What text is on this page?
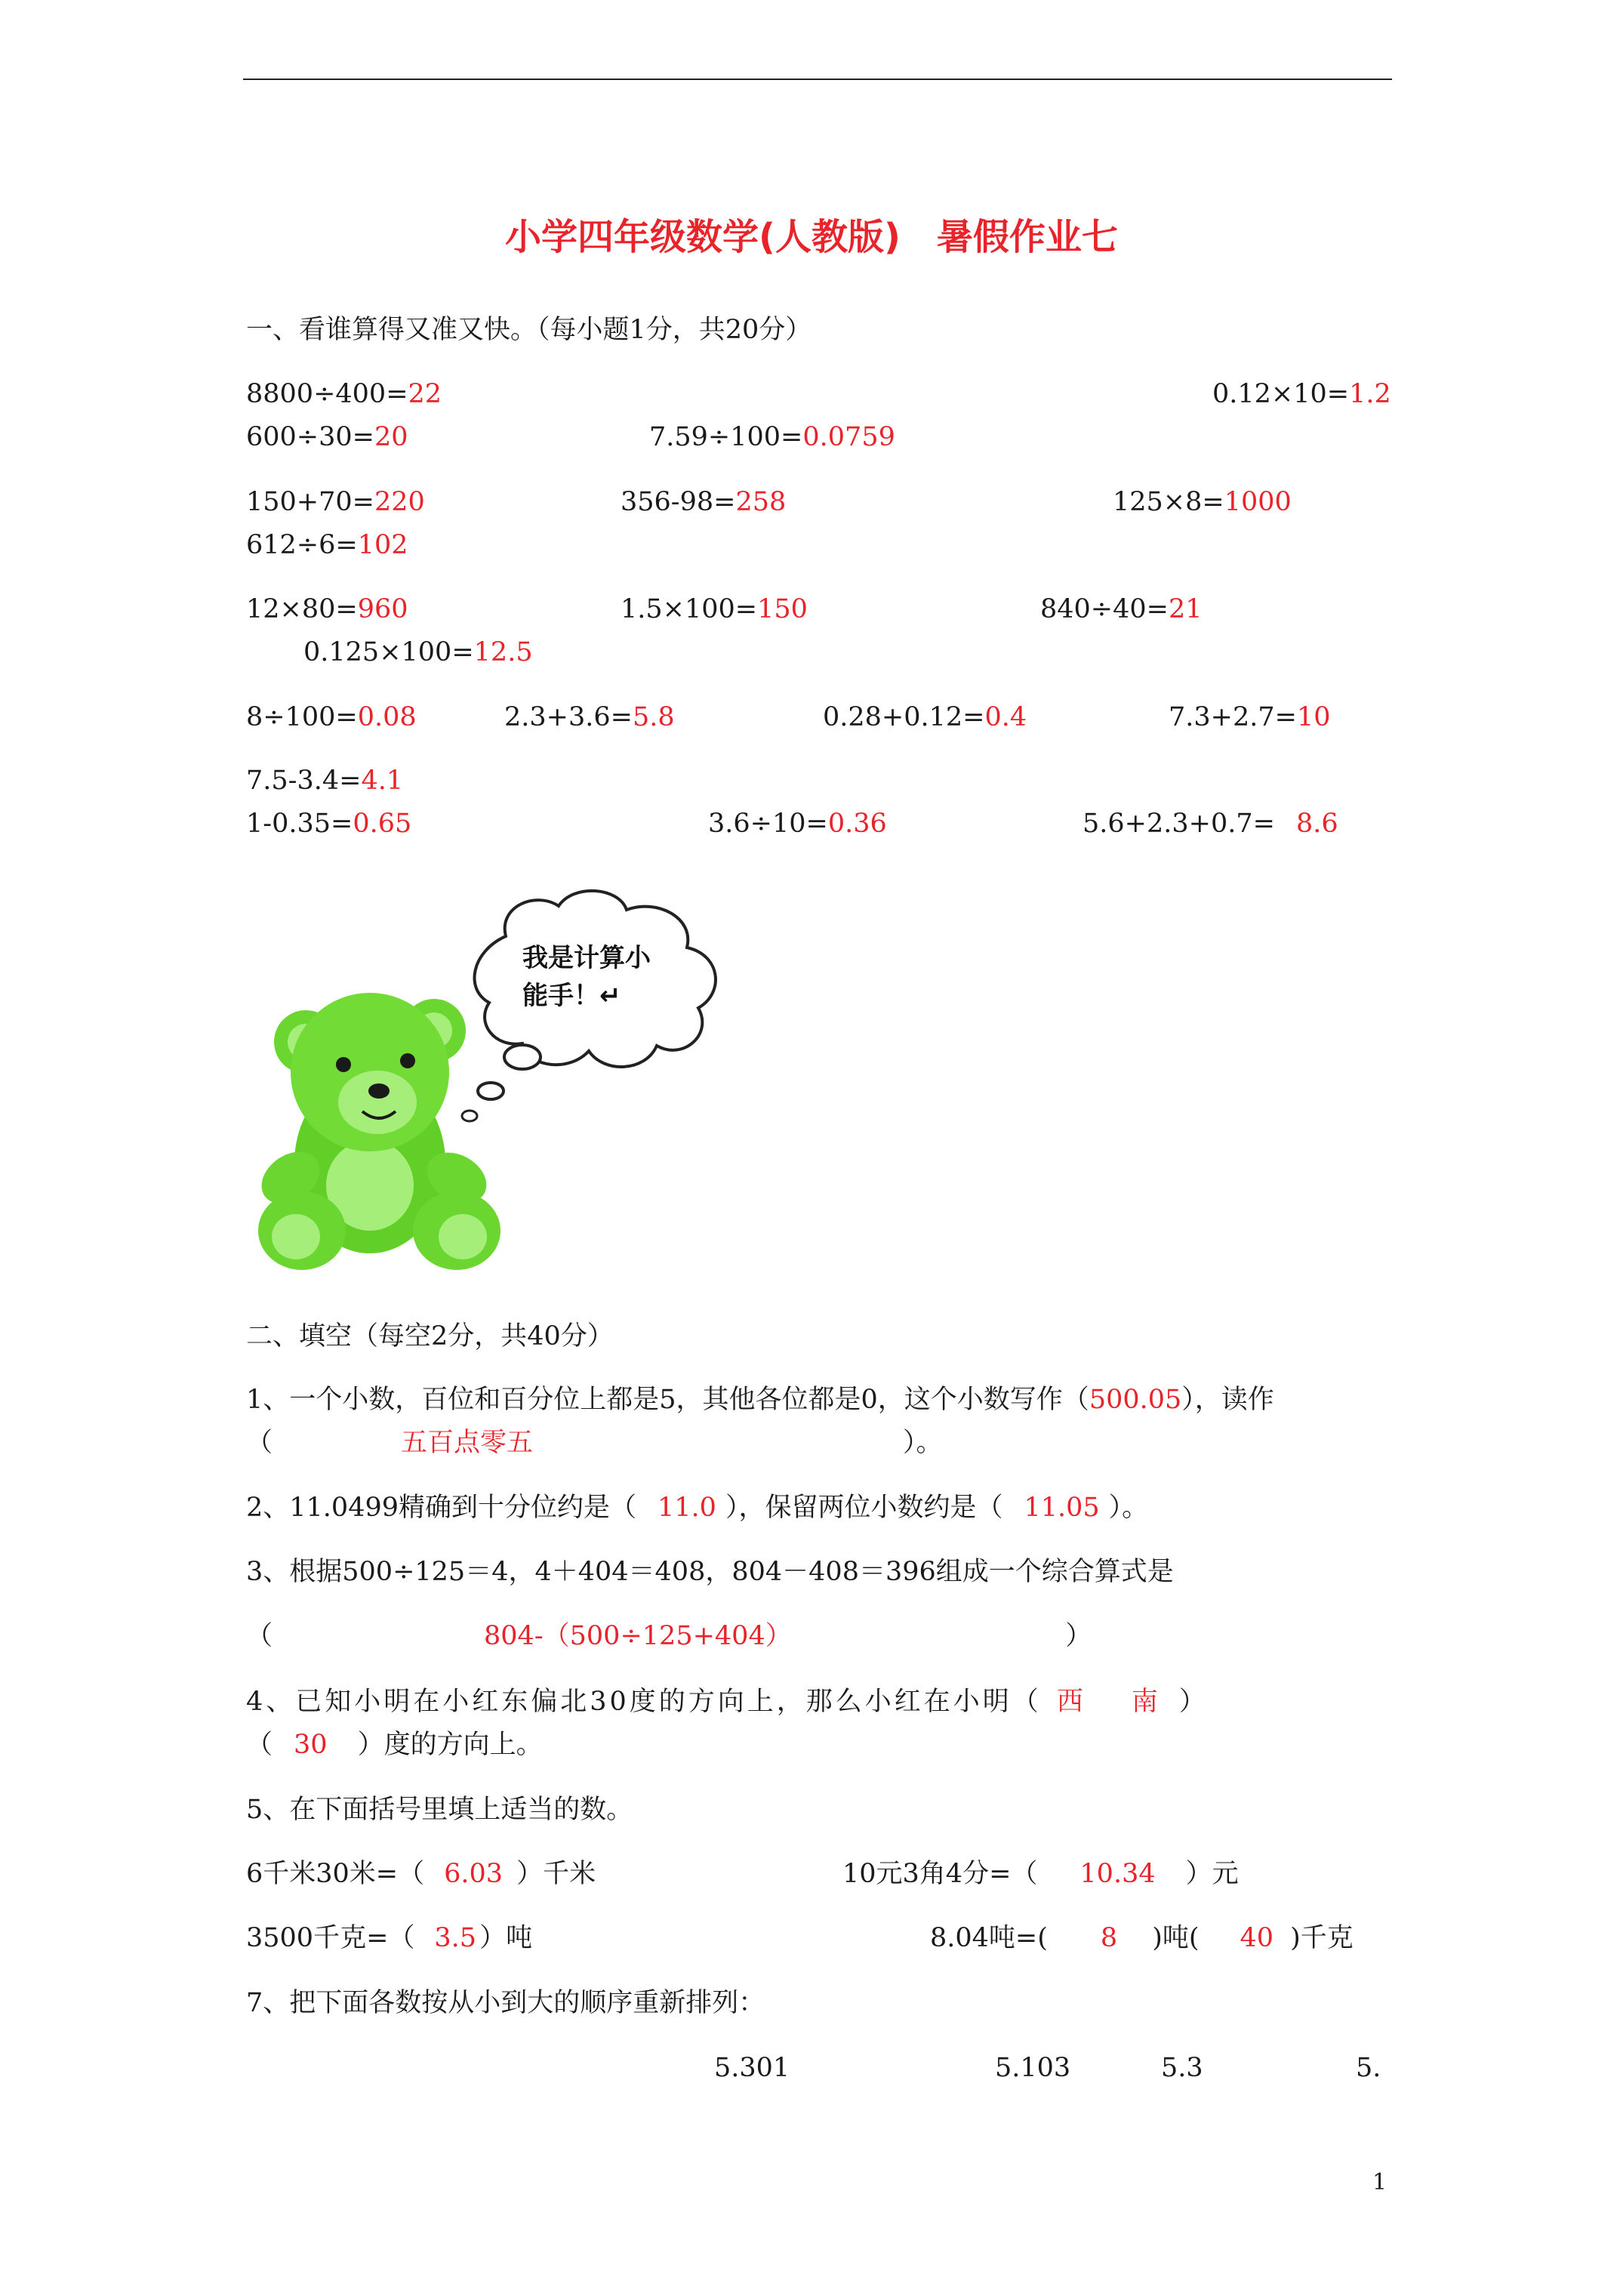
小学四年级数学(人教版)　暑假作业七
一、看谁算得又准又快。（每小题1分，共20分）
8800÷400=22	0.12×10=1.2
600÷30=20	7.59÷100=0.0759
150+70=220	356-98=258	125×8=1000
612÷6=102
12×80=960	1.5×100=150	840÷40=21
0.125×100=12.5
8÷100=0.08	2.3+3.6=5.8	0.28+0.12=0.4	7.3+2.7=10
7.5-3.4=4.1
1-0.35=0.65	3.6÷10=0.36	5.6+2.3+0.7= 8.6
我是计算小
能手！↵
二、填空（每空2分，共40分）
1、一个小数，百位和百分位上都是5，其他各位都是0，这个小数写作（500.05），读作
（	五百点零五	）。
2、11.0499精确到十分位约是（ 11.0 ），保留两位小数约是（ 11.05 ）。
3、根据500÷125＝4，4＋404＝408，804－408＝396组成一个综合算式是
（	804-（500÷125+404）	）
4、已知小明在小红东偏北30度的方向上，那么小红在小明（ 西 南 ）
（ 30 ）度的方向上。
5、在下面括号里填上适当的数。
6千米30米=（ 6.03 ）千米	10元3角4分=（ 10.34 ）元
3500千克=（ 3.5 ）吨	8.04吨=( 8 )吨( 40 )千克
7、把下面各数按从小到大的顺序重新排列：
5.301	5.103	5.3	5.
1
